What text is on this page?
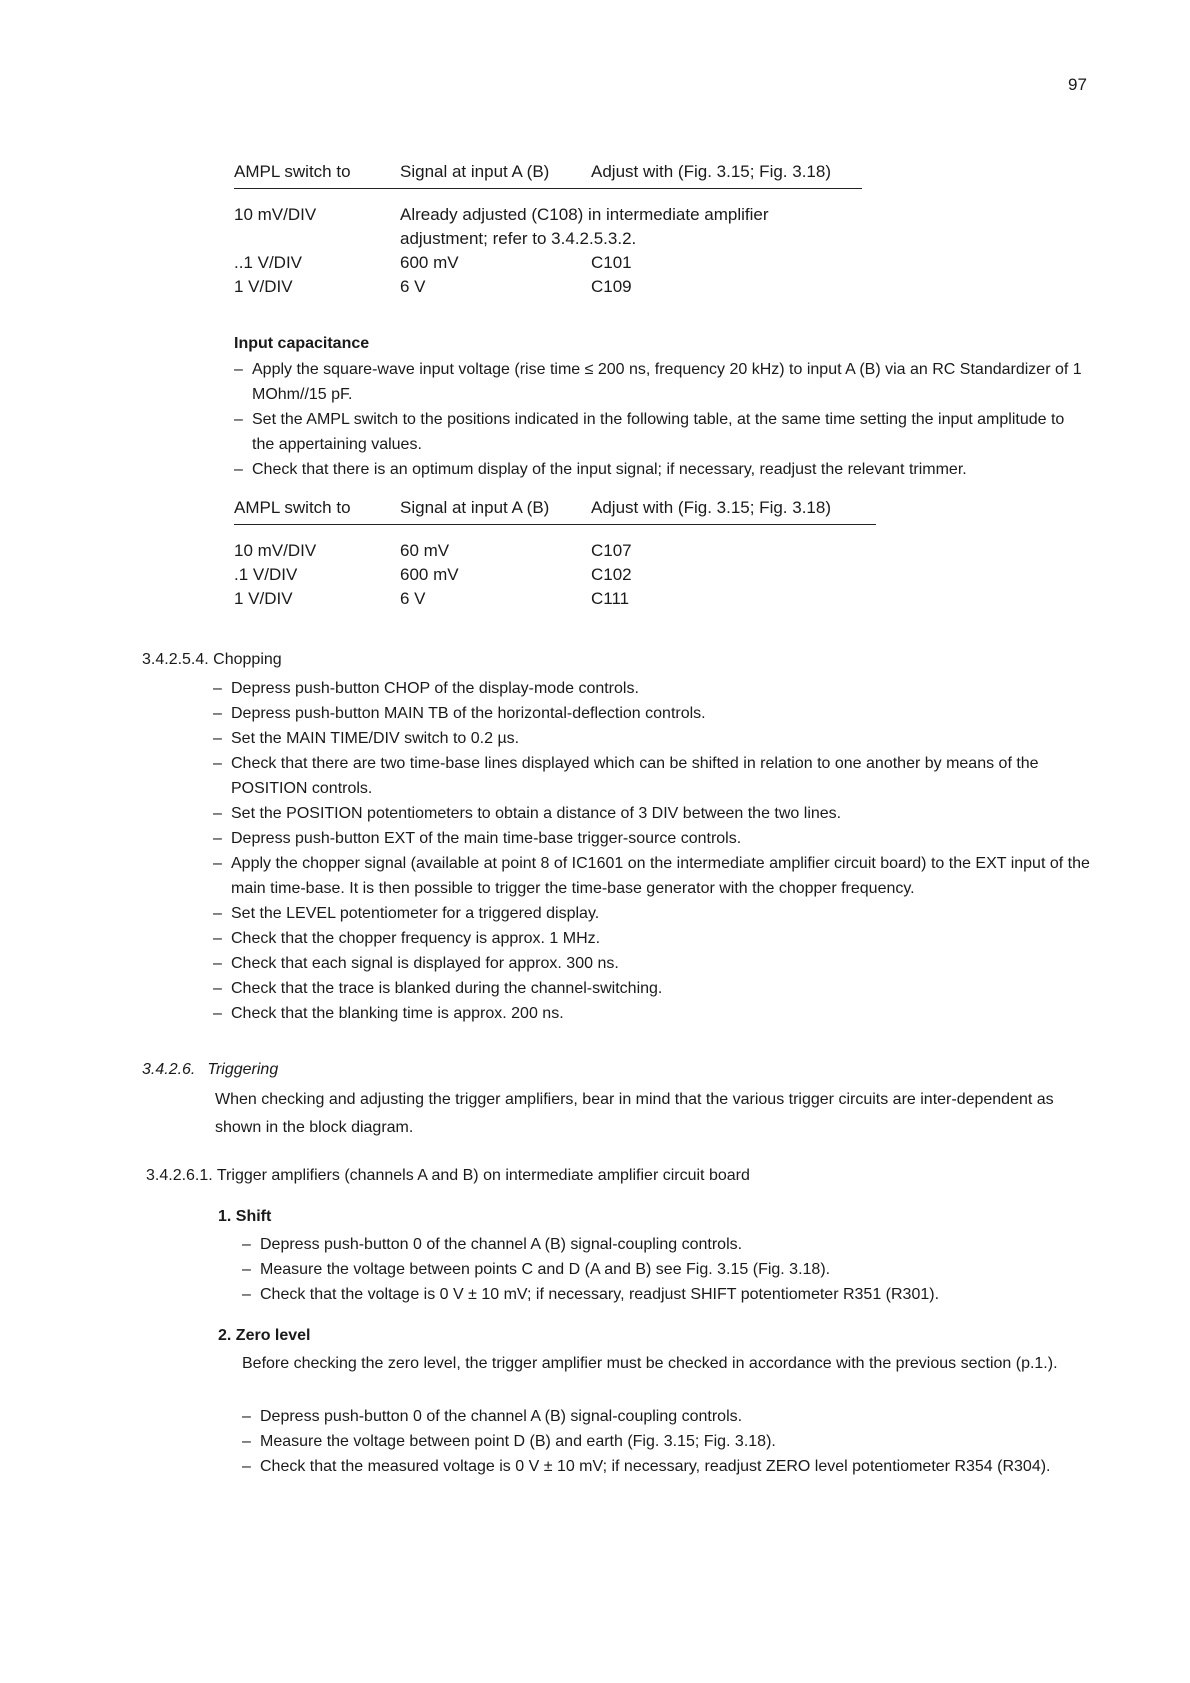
97
AMPL switch to	Signal at input A (B)	Adjust with (Fig. 3.15; Fig. 3.18)
10 mV/DIV	Already adjusted (C108) in intermediate amplifier
adjustment; refer to 3.4.2.5.3.2.	

..1 V/DIV	600 mV	C101
1 V/DIV	6 V	C109
Input capacitance
– Apply the square-wave input voltage (rise time ≤ 200 ns, frequency 20 kHz) to input A (B) via an RC Standardizer of 1 MOhm//15 pF.
– Set the AMPL switch to the positions indicated in the following table, at the same time setting the input amplitude to the appertaining values.
– Check that there is an optimum display of the input signal; if necessary, readjust the relevant trimmer.
AMPL switch to	Signal at input A (B)	Adjust with (Fig. 3.15; Fig. 3.18)
10 mV/DIV	60 mV	C107
.1 V/DIV	600 mV	C102
1 V/DIV	6 V	C111
3.4.2.5.4. Chopping
– Depress push-button CHOP of the display-mode controls.
– Depress push-button MAIN TB of the horizontal-deflection controls.
– Set the MAIN TIME/DIV switch to 0.2 µs.
– Check that there are two time-base lines displayed which can be shifted in relation to one another by means of the POSITION controls.
– Set the POSITION potentiometers to obtain a distance of 3 DIV between the two lines.
– Depress push-button EXT of the main time-base trigger-source controls.
– Apply the chopper signal (available at point 8 of IC1601 on the intermediate amplifier circuit board) to the EXT input of the main time-base. It is then possible to trigger the time-base generator with the chopper frequency.
– Set the LEVEL potentiometer for a triggered display.
– Check that the chopper frequency is approx. 1 MHz.
– Check that each signal is displayed for approx. 300 ns.
– Check that the trace is blanked during the channel-switching.
– Check that the blanking time is approx. 200 ns.
3.4.2.6. Triggering
When checking and adjusting the trigger amplifiers, bear in mind that the various trigger circuits are inter-dependent as shown in the block diagram.
3.4.2.6.1. Trigger amplifiers (channels A and B) on intermediate amplifier circuit board
1. Shift
– Depress push-button 0 of the channel A (B) signal-coupling controls.
– Measure the voltage between points C and D (A and B) see Fig. 3.15 (Fig. 3.18).
– Check that the voltage is 0 V ± 10 mV; if necessary, readjust SHIFT potentiometer R351 (R301).
2. Zero level
Before checking the zero level, the trigger amplifier must be checked in accordance with the previous section (p.1.).
– Depress push-button 0 of the channel A (B) signal-coupling controls.
– Measure the voltage between point D (B) and earth (Fig. 3.15; Fig. 3.18).
– Check that the measured voltage is 0 V ± 10 mV; if necessary, readjust ZERO level potentiometer R354 (R304).
